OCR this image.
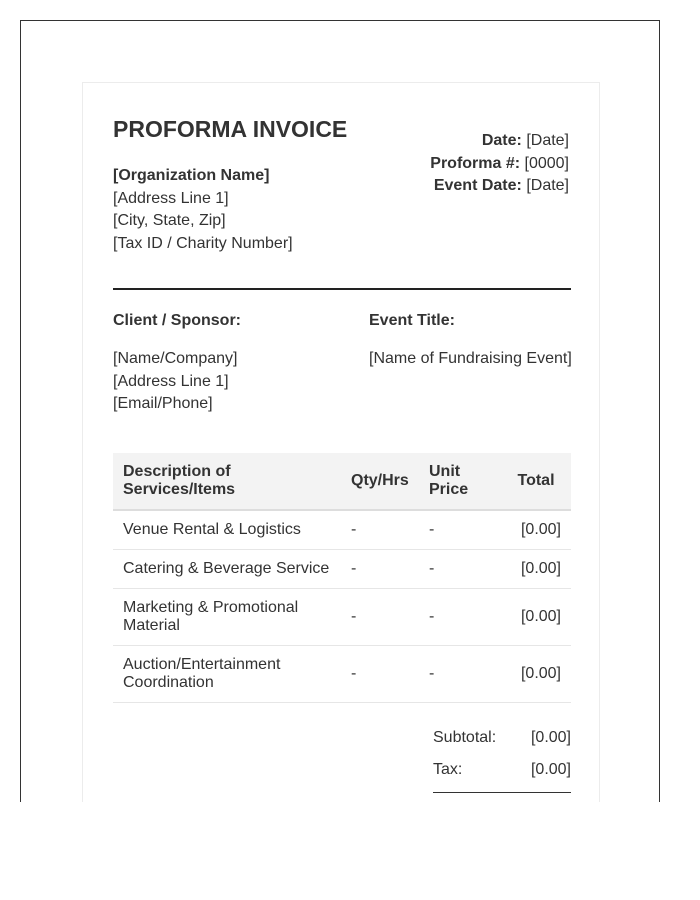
PROFORMA INVOICE
[Organization Name]
[Address Line 1]
[City, State, Zip]
[Tax ID / Charity Number]
Date: [Date]
Proforma #: [0000]
Event Date: [Date]
Client / Sponsor:
[Name/Company]
[Address Line 1]
[Email/Phone]
Event Title:
[Name of Fundraising Event]
Description of Services/Items	Qty/Hrs	Unit Price	Total
Venue Rental & Logistics	-	-	[0.00]
Catering & Beverage Service	-	-	[0.00]
Marketing & Promotional Material	-	-	[0.00]
Auction/Entertainment Coordination	-	-	[0.00]
Subtotal: [0.00]
Tax:	[0.00]
